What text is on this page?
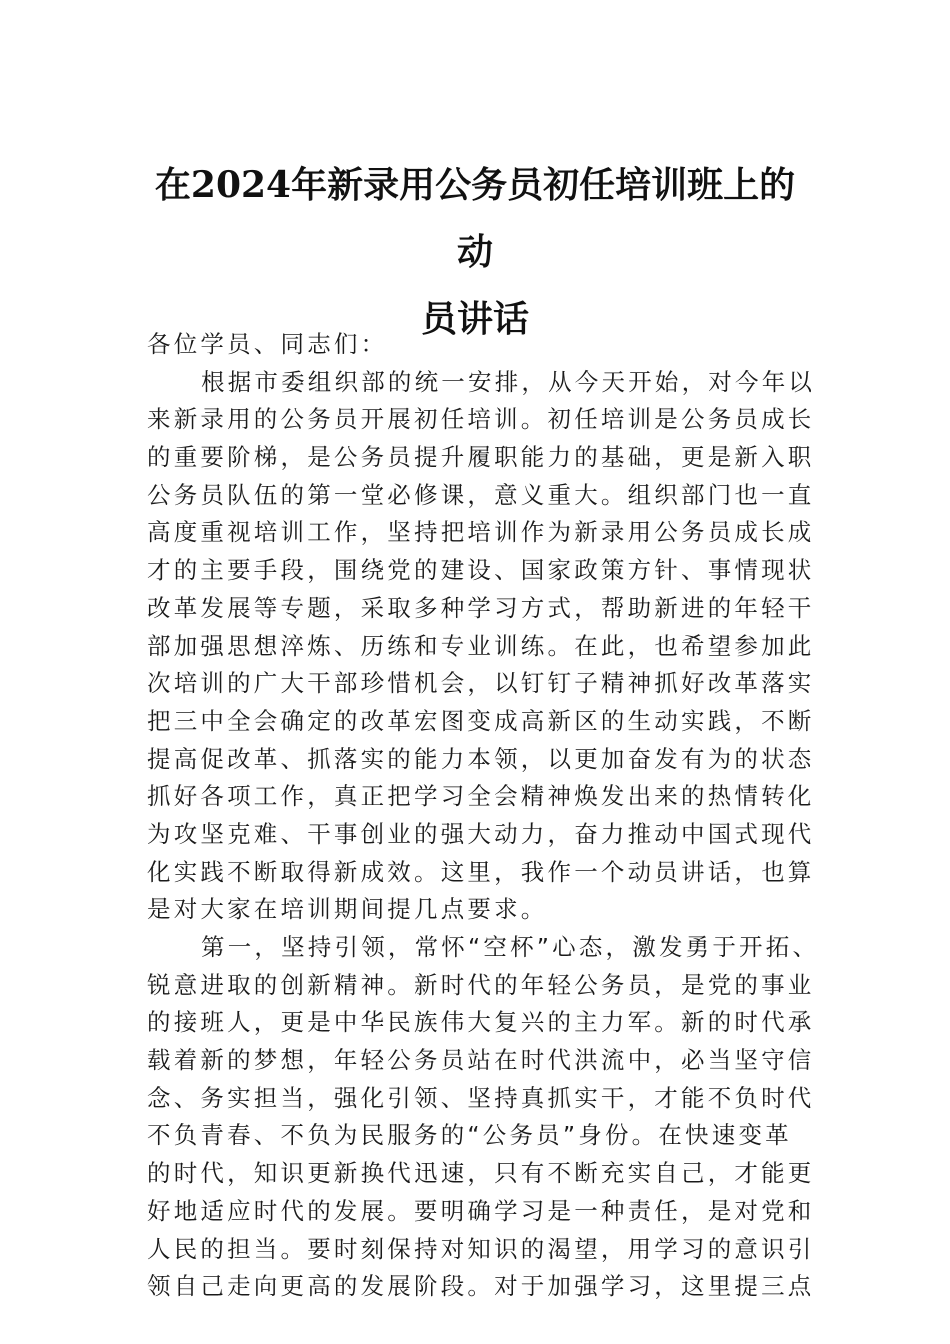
在2024年新录用公务员初任培训班上的动
员讲话
各位学员、同志们：
根据市委组织部的统一安排，从今天开始，对今年以
来新录用的公务员开展初任培训。初任培训是公务员成长
的重要阶梯，是公务员提升履职能力的基础，更是新入职
公务员队伍的第一堂必修课，意义重大。组织部门也一直
高度重视培训工作，坚持把培训作为新录用公务员成长成
才的主要手段，围绕党的建设、国家政策方针、事情现状
改革发展等专题，采取多种学习方式，帮助新进的年轻干
部加强思想淬炼、历练和专业训练。在此，也希望参加此
次培训的广大干部珍惜机会，以钉钉子精神抓好改革落实
把三中全会确定的改革宏图变成高新区的生动实践，不断
提高促改革、抓落实的能力本领，以更加奋发有为的状态
抓好各项工作，真正把学习全会精神焕发出来的热情转化
为攻坚克难、干事创业的强大动力，奋力推动中国式现代
化实践不断取得新成效。这里，我作一个动员讲话，也算
是对大家在培训期间提几点要求。
第一，坚持引领，常怀“空杯”心态，激发勇于开拓、
锐意进取的创新精神。新时代的年轻公务员，是党的事业
的接班人，更是中华民族伟大复兴的主力军。新的时代承
载着新的梦想，年轻公务员站在时代洪流中，必当坚守信
念、务实担当，强化引领、坚持真抓实干，才能不负时代
不负青春、不负为民服务的“公务员”身份。在快速变革
的时代，知识更新换代迅速，只有不断充实自己，才能更
好地适应时代的发展。要明确学习是一种责任，是对党和
人民的担当。要时刻保持对知识的渴望，用学习的意识引
领自己走向更高的发展阶段。对于加强学习，这里提三点
